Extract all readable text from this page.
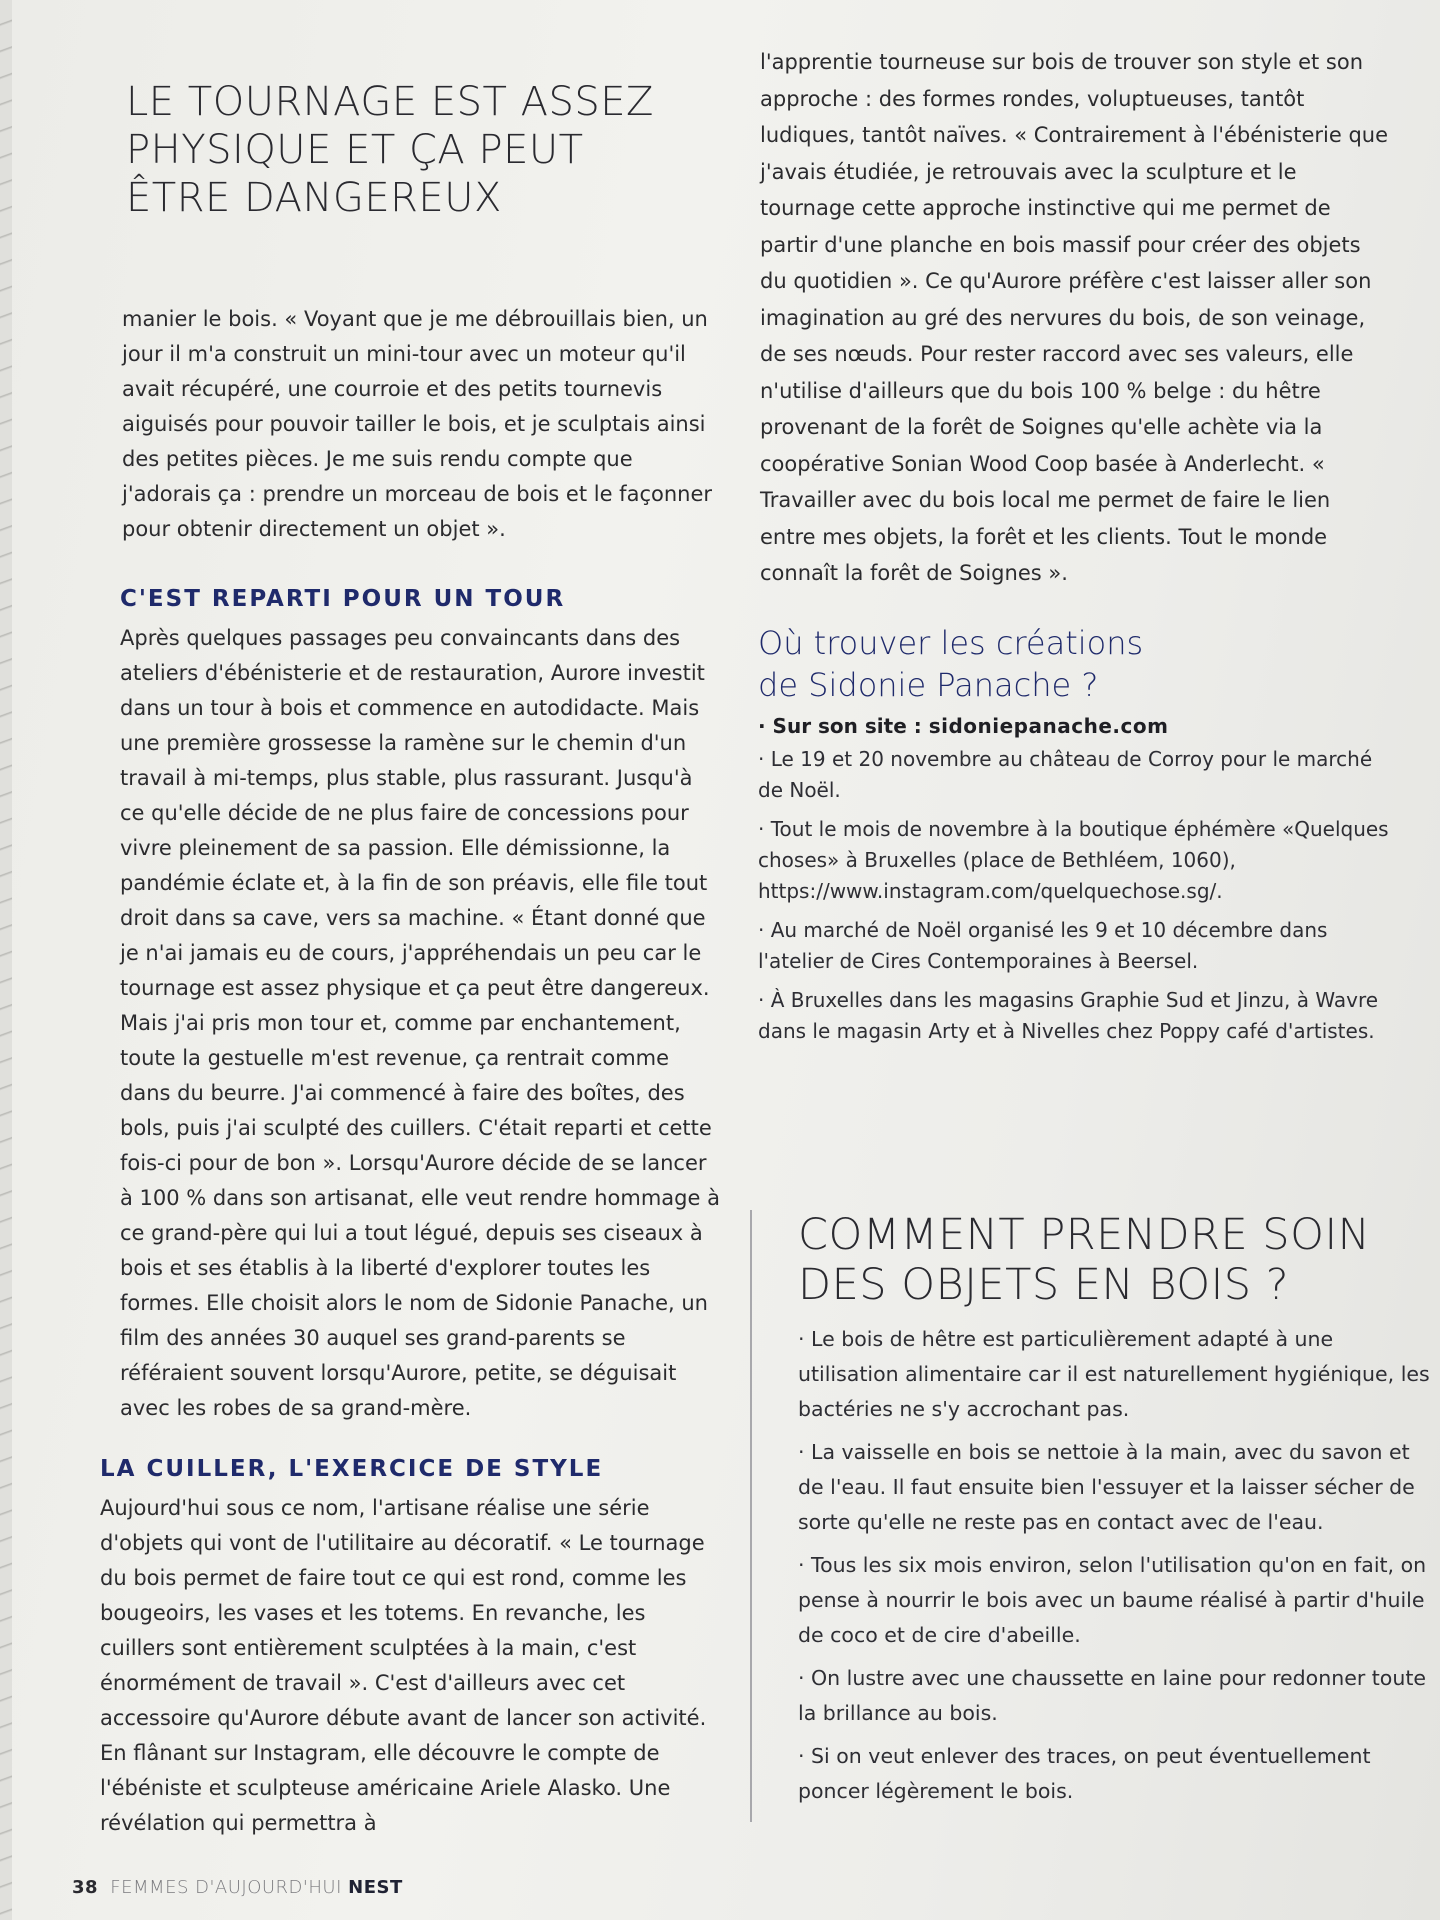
LE TOURNAGE EST ASSEZ PHYSIQUE ET ÇA PEUT ÊTRE DANGEREUX

manier le bois. « Voyant que je me débrouillais bien, un jour il m'a construit un mini-tour avec un moteur qu'il avait récupéré, une courroie et des petits tournevis aiguisés pour pouvoir tailler le bois, et je sculptais ainsi des petites pièces. Je me suis rendu compte que j'adorais ça : prendre un morceau de bois et le façonner pour obtenir directement un objet ».

C'EST REPARTI POUR UN TOUR

Après quelques passages peu convaincants dans des ateliers d'ébénisterie et de restauration, Aurore investit dans un tour à bois et commence en autodidacte. Mais une première grossesse la ramène sur le chemin d'un travail à mi-temps, plus stable, plus rassurant. Jusqu'à ce qu'elle décide de ne plus faire de concessions pour vivre pleinement de sa passion. Elle démissionne, la pandémie éclate et, à la fin de son préavis, elle file tout droit dans sa cave, vers sa machine. « Étant donné que je n'ai jamais eu de cours, j'appréhendais un peu car le tournage est assez physique et ça peut être dangereux. Mais j'ai pris mon tour et, comme par enchantement, toute la gestuelle m'est revenue, ça rentrait comme dans du beurre. J'ai commencé à faire des boîtes, des bols, puis j'ai sculpté des cuillers. C'était reparti et cette fois-ci pour de bon ». Lorsqu'Aurore décide de se lancer à 100 % dans son artisanat, elle veut rendre hommage à ce grand-père qui lui a tout légué, depuis ses ciseaux à bois et ses établis à la liberté d'explorer toutes les formes. Elle choisit alors le nom de Sidonie Panache, un film des années 30 auquel ses grand-parents se référaient souvent lorsqu'Aurore, petite, se déguisait avec les robes de sa grand-mère.

LA CUILLER, L'EXERCICE DE STYLE

Aujourd'hui sous ce nom, l'artisane réalise une série d'objets qui vont de l'utilitaire au décoratif. « Le tournage du bois permet de faire tout ce qui est rond, comme les bougeoirs, les vases et les totems. En revanche, les cuillers sont entièrement sculptées à la main, c'est énormément de travail ». C'est d'ailleurs avec cet accessoire qu'Aurore débute avant de lancer son activité. En flânant sur Instagram, elle découvre le compte de l'ébéniste et sculpteuse américaine Ariele Alasko. Une révélation qui permettra à

l'apprentie tourneuse sur bois de trouver son style et son approche : des formes rondes, voluptueuses, tantôt ludiques, tantôt naïves. « Contrairement à l'ébénisterie que j'avais étudiée, je retrouvais avec la sculpture et le tournage cette approche instinctive qui me permet de partir d'une planche en bois massif pour créer des objets du quotidien ». Ce qu'Aurore préfère c'est laisser aller son imagination au gré des nervures du bois, de son veinage, de ses nœuds. Pour rester raccord avec ses valeurs, elle n'utilise d'ailleurs que du bois 100 % belge : du hêtre provenant de la forêt de Soignes qu'elle achète via la coopérative Sonian Wood Coop basée à Anderlecht. « Travailler avec du bois local me permet de faire le lien entre mes objets, la forêt et les clients. Tout le monde connaît la forêt de Soignes ».

Où trouver les créations
de Sidonie Panache ?
· Sur son site : sidoniepanache.com
· Le 19 et 20 novembre au château de Corroy pour le marché de Noël.
· Tout le mois de novembre à la boutique éphémère «Quelques choses» à Bruxelles (place de Bethléem, 1060), https://www.instagram.com/quelquechose.sg/.
· Au marché de Noël organisé les 9 et 10 décembre dans l'atelier de Cires Contemporaines à Beersel.
· À Bruxelles dans les magasins Graphie Sud et Jinzu, à Wavre dans le magasin Arty et à Nivelles chez Poppy café d'artistes.
COMMENT PRENDRE SOIN DES OBJETS EN BOIS ?
· Le bois de hêtre est particulièrement adapté à une utilisation alimentaire car il est naturellement hygiénique, les bactéries ne s'y accrochant pas.
· La vaisselle en bois se nettoie à la main, avec du savon et de l'eau. Il faut ensuite bien l'essuyer et la laisser sécher de sorte qu'elle ne reste pas en contact avec de l'eau.
· Tous les six mois environ, selon l'utilisation qu'on en fait, on pense à nourrir le bois avec un baume réalisé à partir d'huile de coco et de cire d'abeille.
· On lustre avec une chaussette en laine pour redonner toute la brillance au bois.
· Si on veut enlever des traces, on peut éventuellement poncer légèrement le bois.
38 FEMMES D'AUJOURD'HUI NEST
